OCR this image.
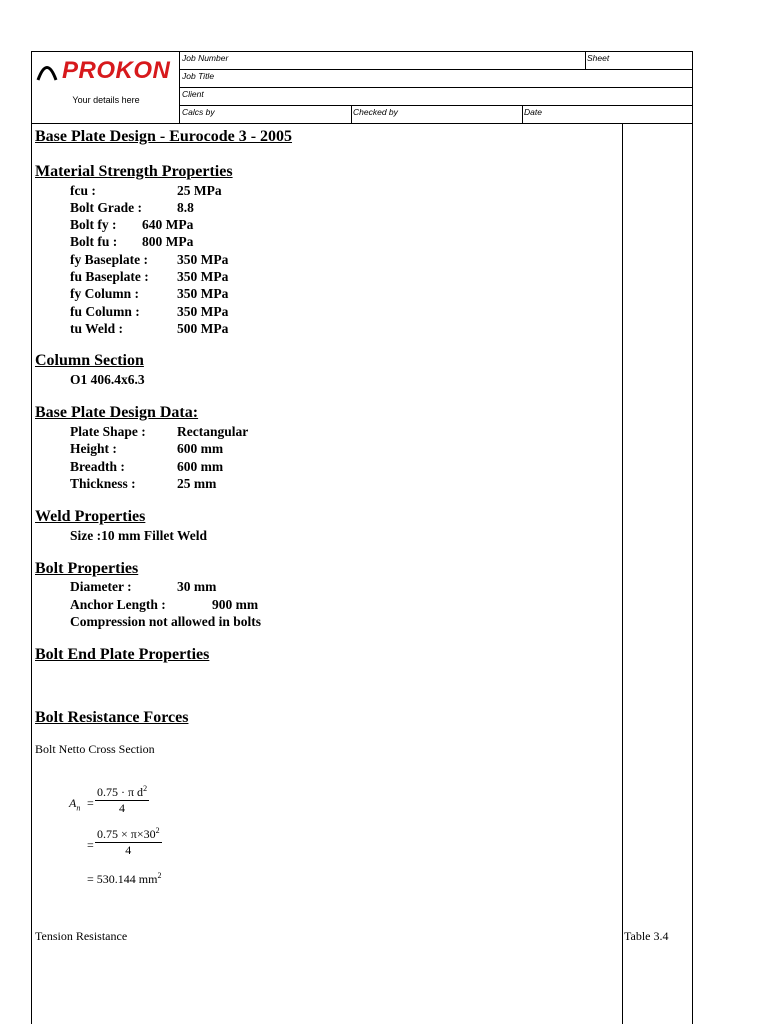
PROKON
Your details here
Job Number	Sheet
Job Title
Client
Calcs by	Checked by	Date
Base Plate Design - Eurocode 3 - 2005
Material Strength Properties
fcu :	25 MPa
Bolt Grade :	8.8
Bolt fy : 640 MPa
Bolt fu : 800 MPa
fy Baseplate : 350 MPa
fu Baseplate : 350 MPa
fy Column :	350 MPa
fu Column :	350 MPa
tu Weld :	500 MPa
Column Section
O1 406.4x6.3
Base Plate Design Data:
Plate Shape : Rectangular
Height :	600 mm
Breadth :	600 mm
Thickness :	25 mm
Weld Properties
Size :10 mm Fillet Weld
Bolt Properties
Diameter :	30 mm
Anchor Length :	900 mm
Compression not allowed in bolts
Bolt End Plate Properties
Bolt Resistance Forces
Bolt Netto Cross Section
$A_n = \frac{0.75 \cdot \pi d^2}{4}$
= $\frac{0.75 \times \pi\times 30^2}{4}$
= 530.144 $mm^2$
Tension Resistance	Table 3.4
